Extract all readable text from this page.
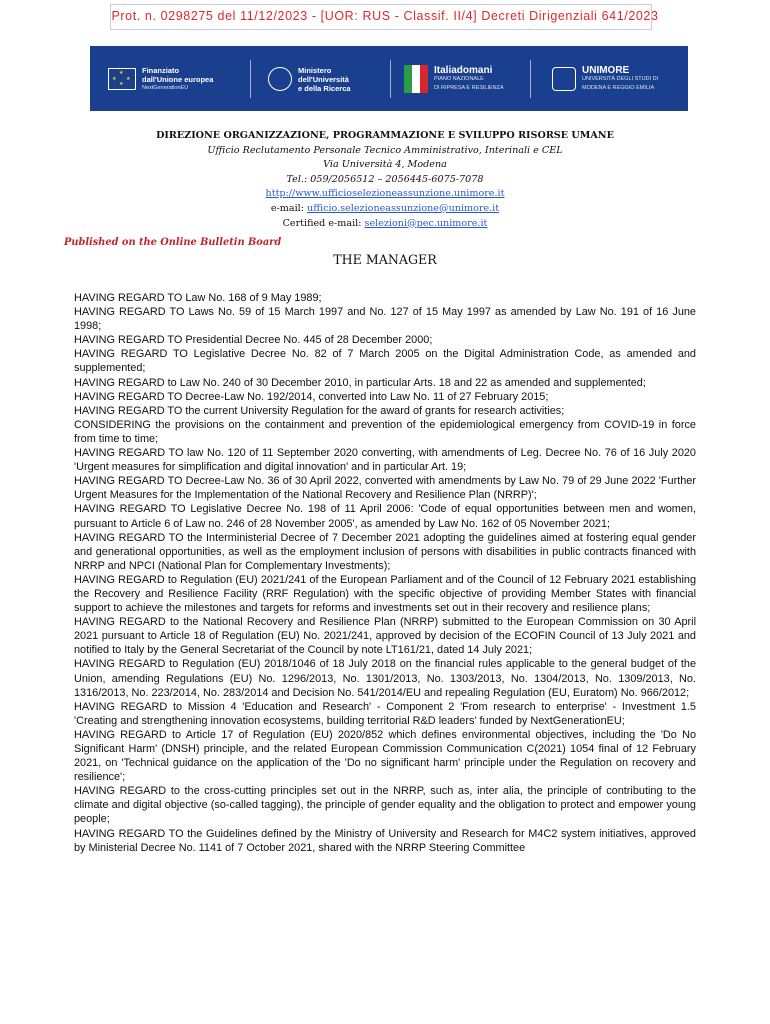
Prot. n. 0298275 del 11/12/2023 - [UOR: RUS - Classif. II/4] Decreti Dirigenziali 641/2023
★
★ ★
★
Finanziato
dall'Unione europea
NextGenerationEU
Ministero
dell'Università
e della Ricerca
Italiadomani
PIANO NAZIONALE
DI RIPRESA E RESILIENZA
UNIMORE
UNIVERSITÀ DEGLI STUDI DI
MODENA E REGGIO EMILIA
DIREZIONE ORGANIZZAZIONE, PROGRAMMAZIONE E SVILUPPO RISORSE UMANE
Ufficio Reclutamento Personale Tecnico Amministrativo, Interinali e CEL
Via Università 4, Modena
Tel.: 059/2056512 – 2056445-6075-7078
http://www.ufficioselezioneassunzione.unimore.it
e-mail: ufficio.selezioneassunzione@unimore.it
Certified e-mail: selezioni@pec.unimore.it
Published on the Online Bulletin Board
THE MANAGER

HAVING REGARD TO Law No. 168 of 9 May 1989;

HAVING REGARD TO Laws No. 59 of 15 March 1997 and No. 127 of 15 May 1997 as amended by Law No. 191 of 16 June 1998;

HAVING REGARD TO Presidential Decree No. 445 of 28 December 2000;

HAVING REGARD TO Legislative Decree No. 82 of 7 March 2005 on the Digital Administration Code, as amended and supplemented;

HAVING REGARD to Law No. 240 of 30 December 2010, in particular Arts. 18 and 22 as amended and supplemented;

HAVING REGARD TO Decree-Law No. 192/2014, converted into Law No. 11 of 27 February 2015;

HAVING REGARD TO the current University Regulation for the award of grants for research activities;

CONSIDERING the provisions on the containment and prevention of the epidemiological emergency from COVID-19 in force from time to time;

HAVING REGARD TO law No. 120 of 11 September 2020 converting, with amendments of Leg. Decree No. 76 of 16 July 2020 'Urgent measures for simplification and digital innovation' and in particular Art. 19;

HAVING REGARD TO Decree-Law No. 36 of 30 April 2022, converted with amendments by Law No. 79 of 29 June 2022 'Further Urgent Measures for the Implementation of the National Recovery and Resilience Plan (NRRP)';

HAVING REGARD TO Legislative Decree No. 198 of 11 April 2006: 'Code of equal opportunities between men and women, pursuant to Article 6 of Law no. 246 of 28 November 2005', as amended by Law No. 162 of 05 November 2021;

HAVING REGARD TO the Interministerial Decree of 7 December 2021 adopting the guidelines aimed at fostering equal gender and generational opportunities, as well as the employment inclusion of persons with disabilities in public contracts financed with NRRP and NPCI (National Plan for Complementary Investments);

HAVING REGARD to Regulation (EU) 2021/241 of the European Parliament and of the Council of 12 February 2021 establishing the Recovery and Resilience Facility (RRF Regulation) with the specific objective of providing Member States with financial support to achieve the milestones and targets for reforms and investments set out in their recovery and resilience plans;

HAVING REGARD to the National Recovery and Resilience Plan (NRRP) submitted to the European Commission on 30 April 2021 pursuant to Article 18 of Regulation (EU) No. 2021/241, approved by decision of the ECOFIN Council of 13 July 2021 and notified to Italy by the General Secretariat of the Council by note LT161/21, dated 14 July 2021;

HAVING REGARD to Regulation (EU) 2018/1046 of 18 July 2018 on the financial rules applicable to the general budget of the Union, amending Regulations (EU) No. 1296/2013, No. 1301/2013, No. 1303/2013, No. 1304/2013, No. 1309/2013, No. 1316/2013, No. 223/2014, No. 283/2014 and Decision No. 541/2014/EU and repealing Regulation (EU, Euratom) No. 966/2012;

HAVING REGARD to Mission 4 'Education and Research' - Component 2 'From research to enterprise' - Investment 1.5 'Creating and strengthening innovation ecosystems, building territorial R&D leaders' funded by NextGenerationEU;

HAVING REGARD to Article 17 of Regulation (EU) 2020/852 which defines environmental objectives, including the 'Do No Significant Harm' (DNSH) principle, and the related European Commission Communication C(2021) 1054 final of 12 February 2021, on 'Technical guidance on the application of the 'Do no significant harm' principle under the Regulation on recovery and resilience';

HAVING REGARD to the cross-cutting principles set out in the NRRP, such as, inter alia, the principle of contributing to the climate and digital objective (so-called tagging), the principle of gender equality and the obligation to protect and empower young people;

HAVING REGARD TO the Guidelines defined by the Ministry of University and Research for M4C2 system initiatives, approved by Ministerial Decree No. 1141 of 7 October 2021, shared with the NRRP Steering Committee
